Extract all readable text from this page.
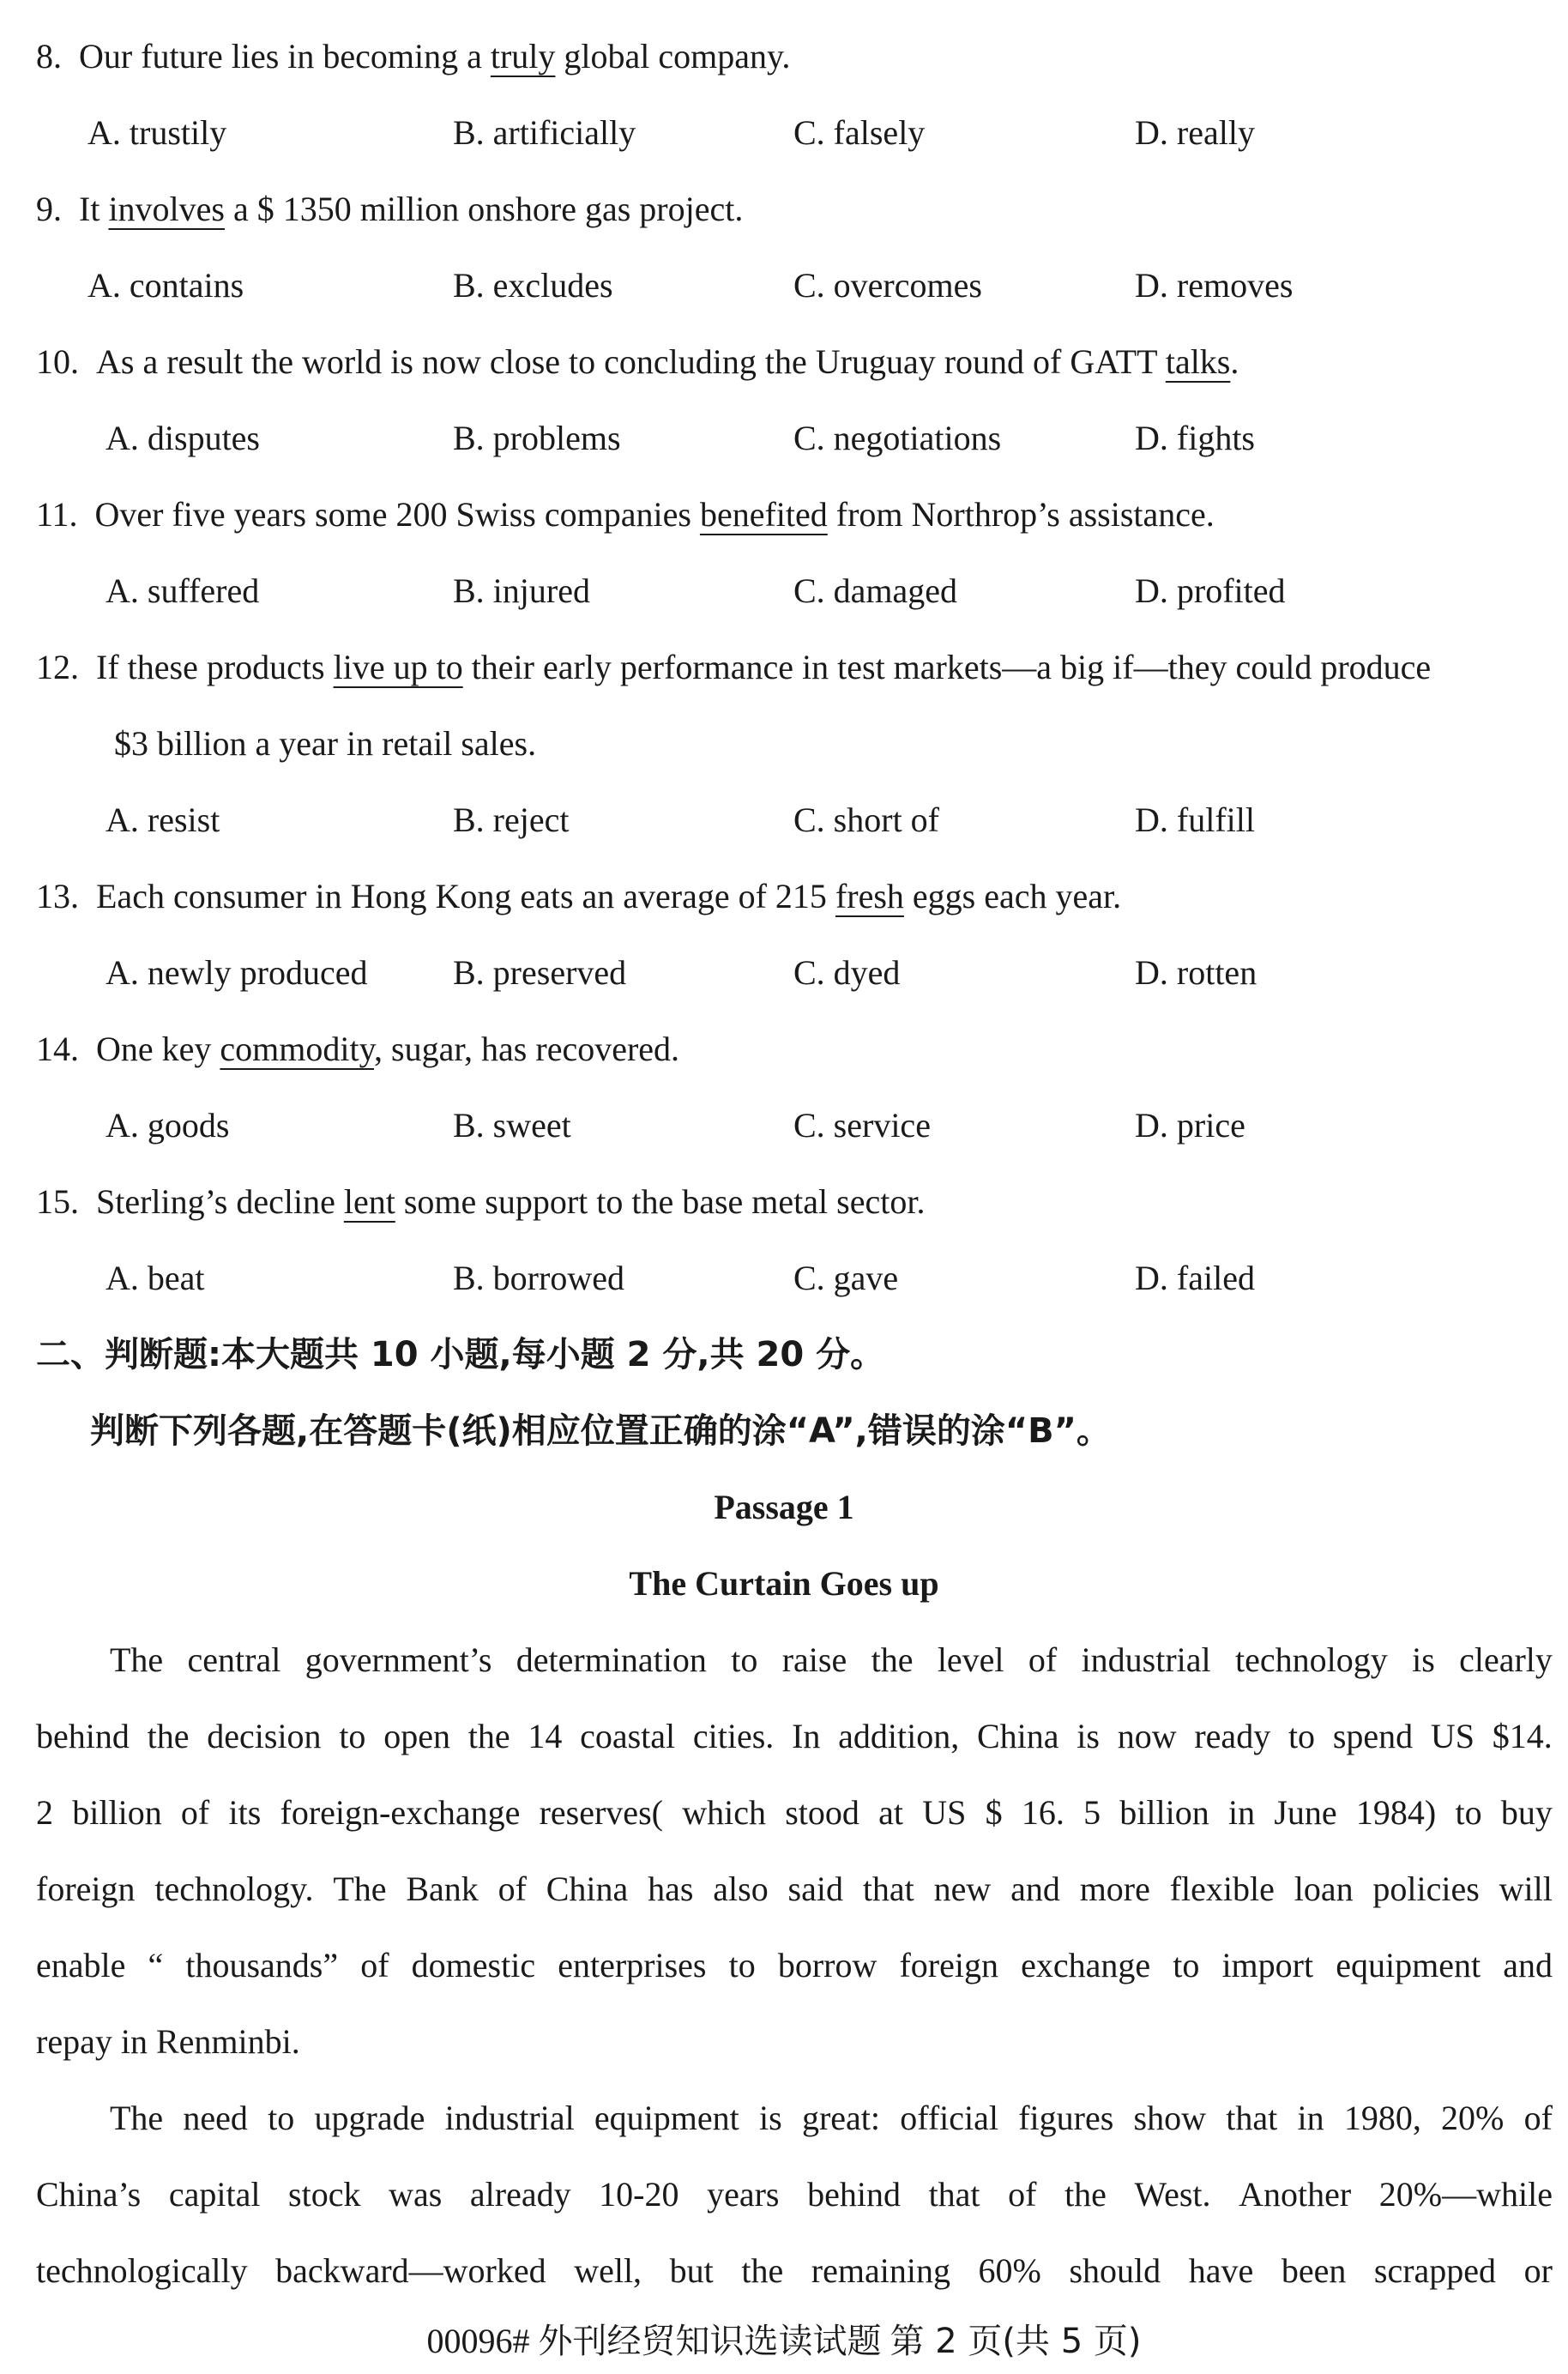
8. Our future lies in becoming a truly global company.
A. trustily	B. artificially	C. falsely	D. really
9. It involves a $ 1350 million onshore gas project.
A. contains	B. excludes	C. overcomes	D. removes
10. As a result the world is now close to concluding the Uruguay round of GATT talks.
A. disputes	B. problems	C. negotiations	D. fights
11. Over five years some 200 Swiss companies benefited from Northrop’s assistance.
A. suffered	B. injured	C. damaged	D. profited
12. If these products live up to their early performance in test markets—a big if—they could produce
$3 billion a year in retail sales.
A. resist	B. reject	C. short of	D. fulfill
13. Each consumer in Hong Kong eats an average of 215 fresh eggs each year.
A. newly produced B. preserved	C. dyed	D. rotten
14. One key commodity, sugar, has recovered.
A. goods	B. sweet	C. service	D. price
15. Sterling’s decline lent some support to the base metal sector.
A. beat	B. borrowed	C. gave	D. failed
二、判断题:本大题共 10 小题,每小题 2 分,共 20 分。
判断下列各题,在答题卡(纸)相应位置正确的涂“A”,错误的涂“B”。
Passage 1
The Curtain Goes up
The central government’s determination to raise the level of industrial technology is clearly
behind the decision to open the 14 coastal cities. In addition, China is now ready to spend US $14.
2 billion of its foreign-exchange reserves( which stood at US $ 16. 5 billion in June 1984) to buy
foreign technology. The Bank of China has also said that new and more flexible loan policies will
enable “ thousands” of domestic enterprises to borrow foreign exchange to import equipment and
repay in Renminbi.
The need to upgrade industrial equipment is great: official figures show that in 1980, 20% of
China’s capital stock was already 10-20 years behind that of the West. Another 20%—while
technologically backward—worked well, but the remaining 60% should have been scrapped or
00096# 外刊经贸知识选读试题 第 2 页(共 5 页)
